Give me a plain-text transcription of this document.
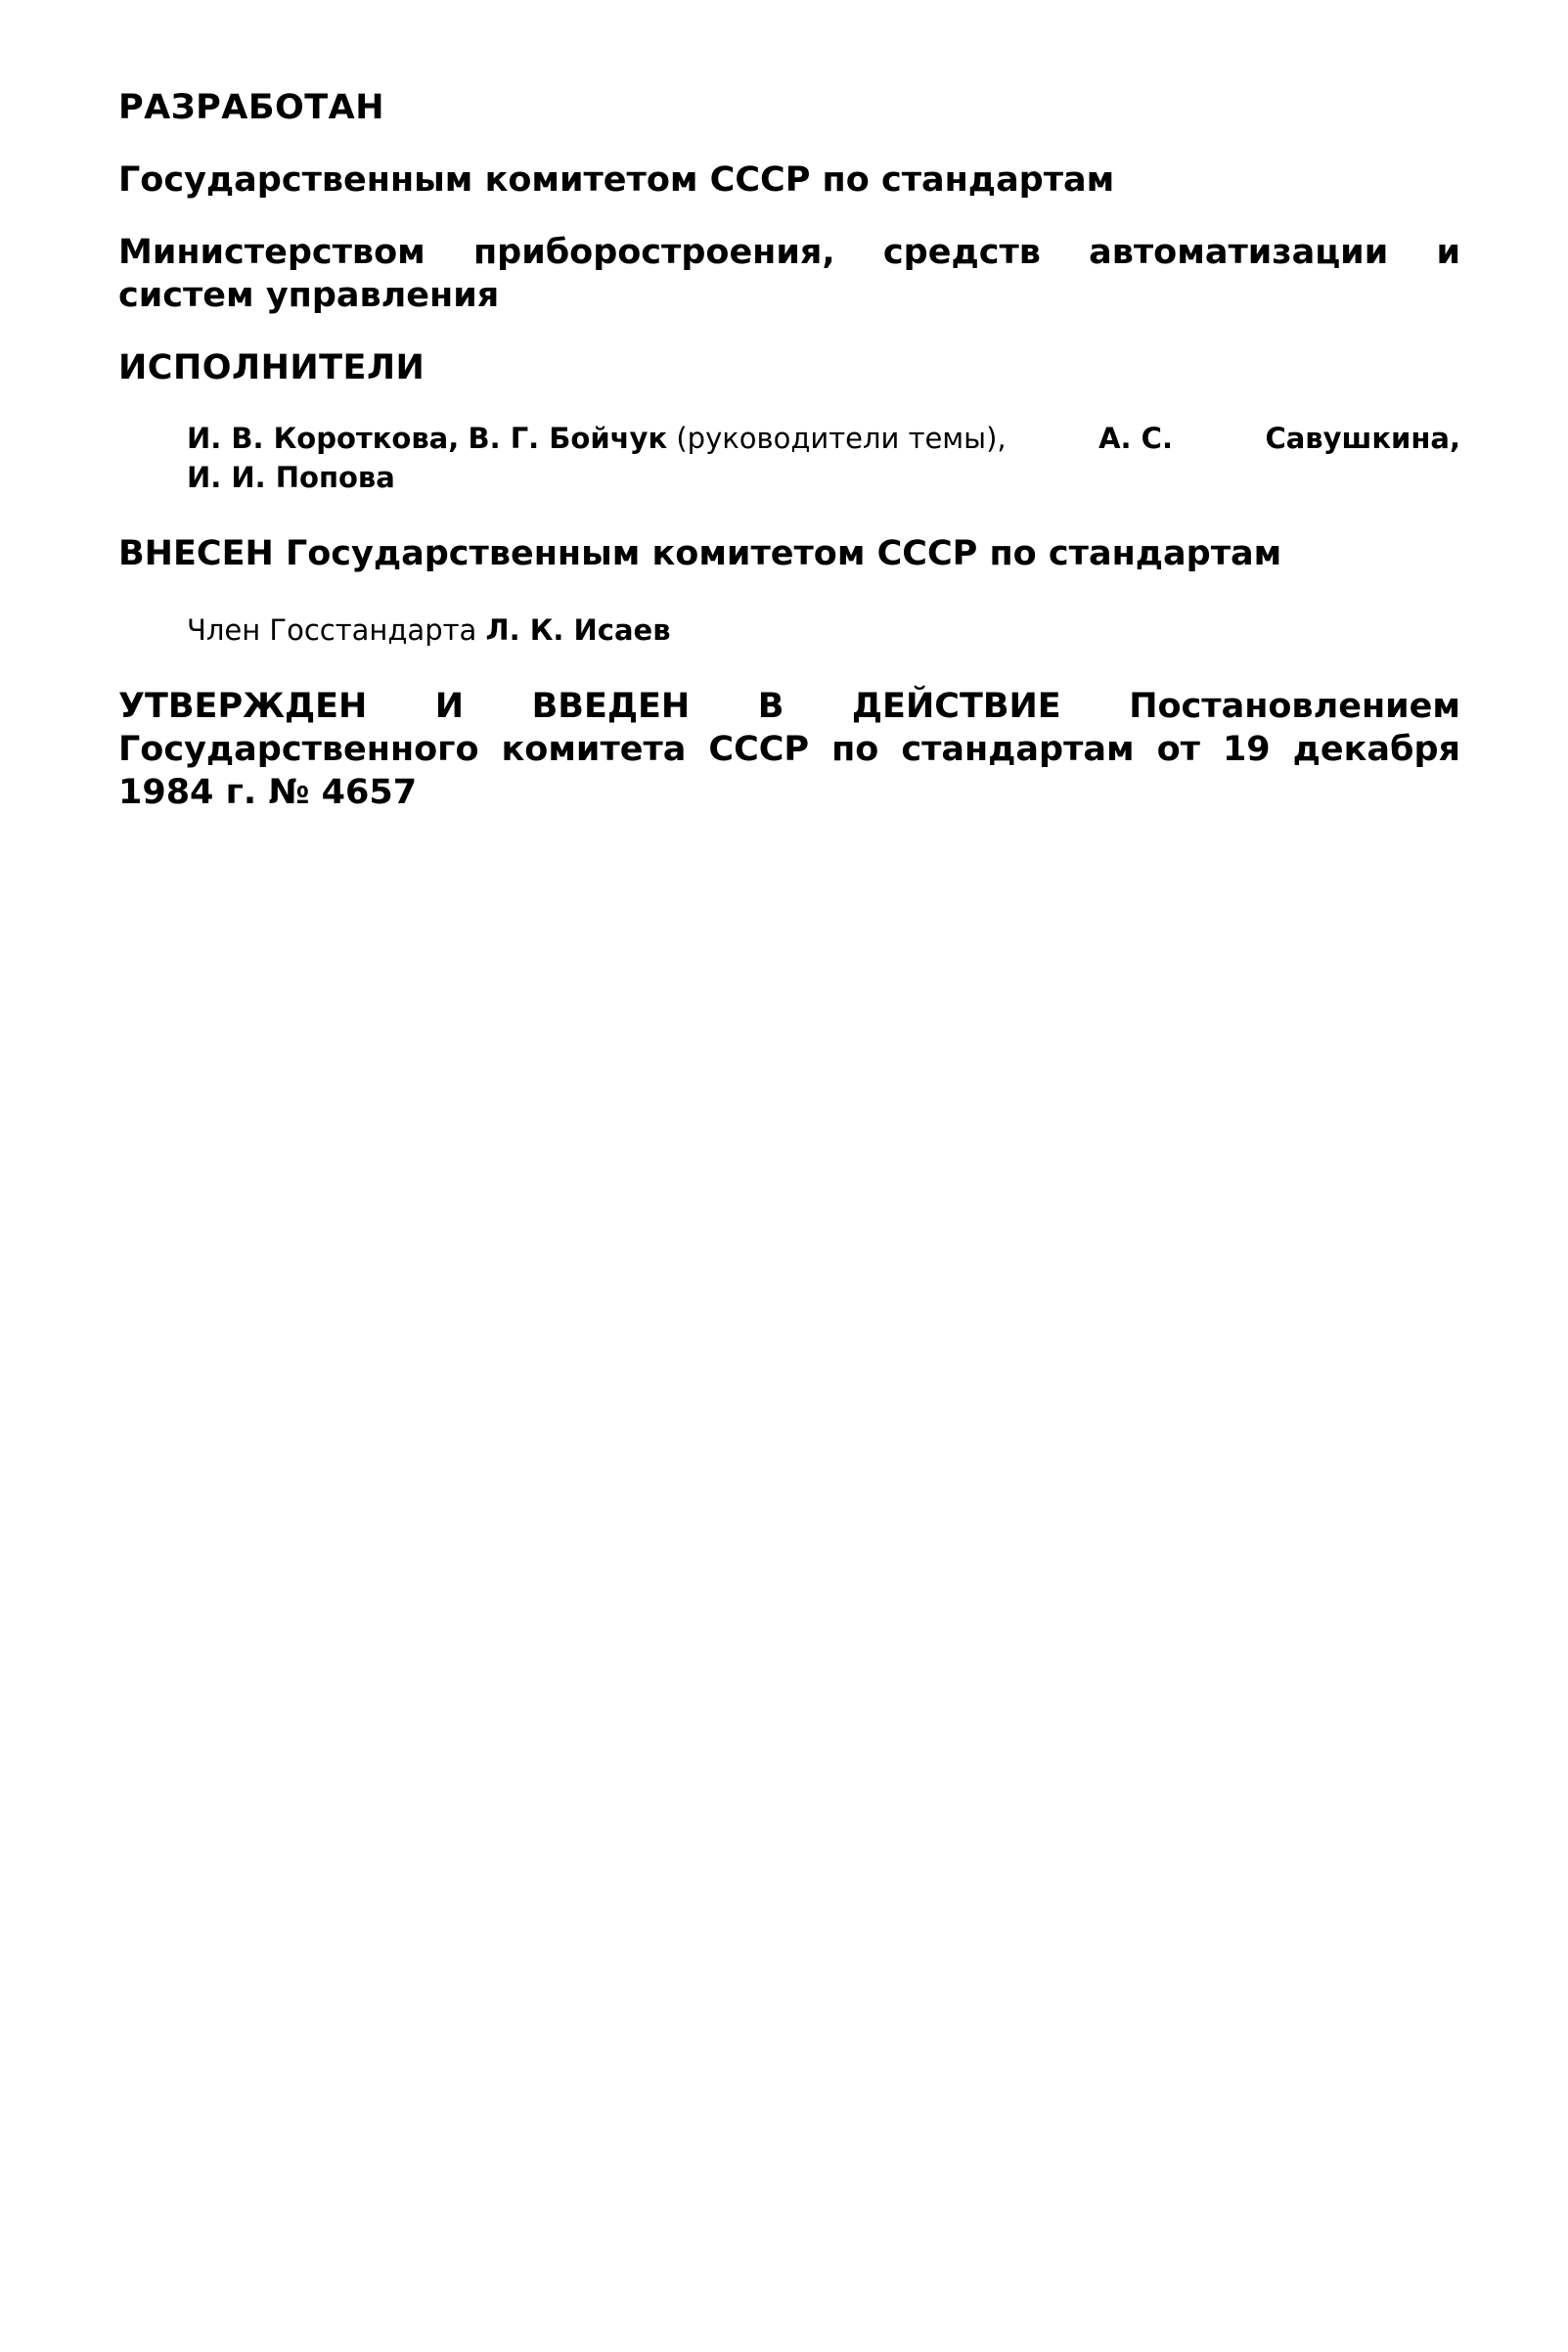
РАЗРАБОТАН

Государственным комитетом СССР по стандартам

Министерством приборостроения, средств автоматизации и систем управления

ИСПОЛНИТЕЛИ

И. В. Короткова, В. Г. Бойчук (руководители темы),	А. С.	Савушкина,
И. И. Попова

ВНЕСЕН Государственным комитетом СССР по стандартам

Член Госстандарта Л. К. Исаев

УТВЕРЖДЕН И ВВЕДЕН В ДЕЙСТВИЕ Постановлением Государственного комитета СССР по стандартам от 19 декабря 1984 г. № 4657
